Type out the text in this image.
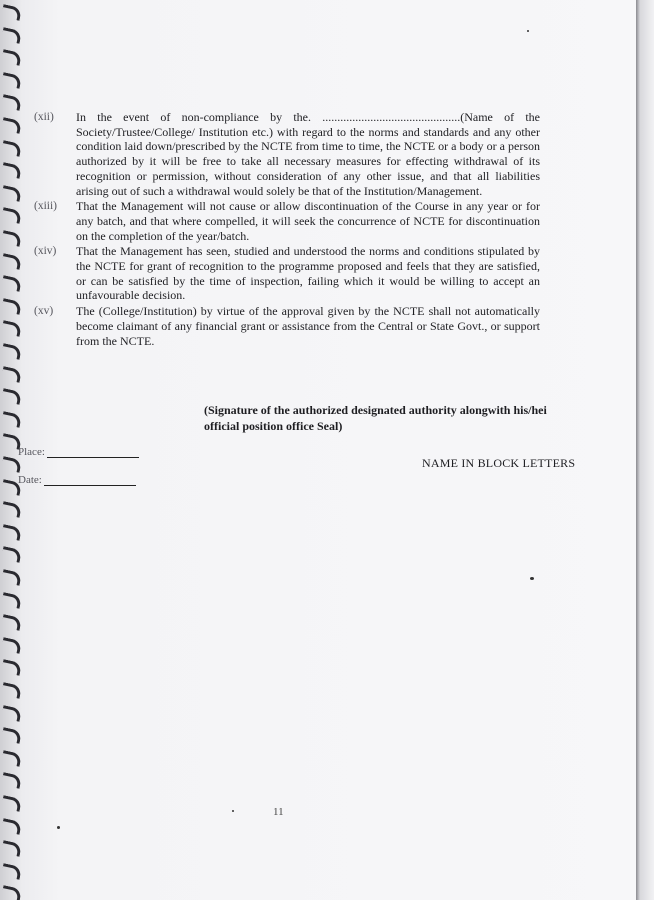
(xii)	In the event of non-compliance by the. ..............................................(Name of the Society/Trustee/College/ Institution etc.) with regard to the norms and standards and any other condition laid down/prescribed by the NCTE from time to time, the NCTE or a body or a person authorized by it will be free to take all necessary measures for effecting withdrawal of its recognition or permission, without consideration of any other issue, and that all liabilities arising out of such a withdrawal would solely be that of the Institution/Management.
(xiii)	That the Management will not cause or allow discontinuation of the Course in any year or for any batch, and that where compelled, it will seek the concurrence of NCTE for discontinuation on the completion of the year/batch.
(xiv)	That the Management has seen, studied and understood the norms and conditions stipulated by the NCTE for grant of recognition to the programme proposed and feels that they are satisfied, or can be satisfied by the time of inspection, failing which it would be willing to accept an unfavourable decision.
(xv)	The (College/Institution) by virtue of the approval given by the NCTE shall not automatically become claimant of any financial grant or assistance from the Central or State Govt., or support from the NCTE.
(Signature of the authorized designated authority alongwith his/hei
official position office Seal)
Place:
Date:
NAME IN BLOCK LETTERS
11
